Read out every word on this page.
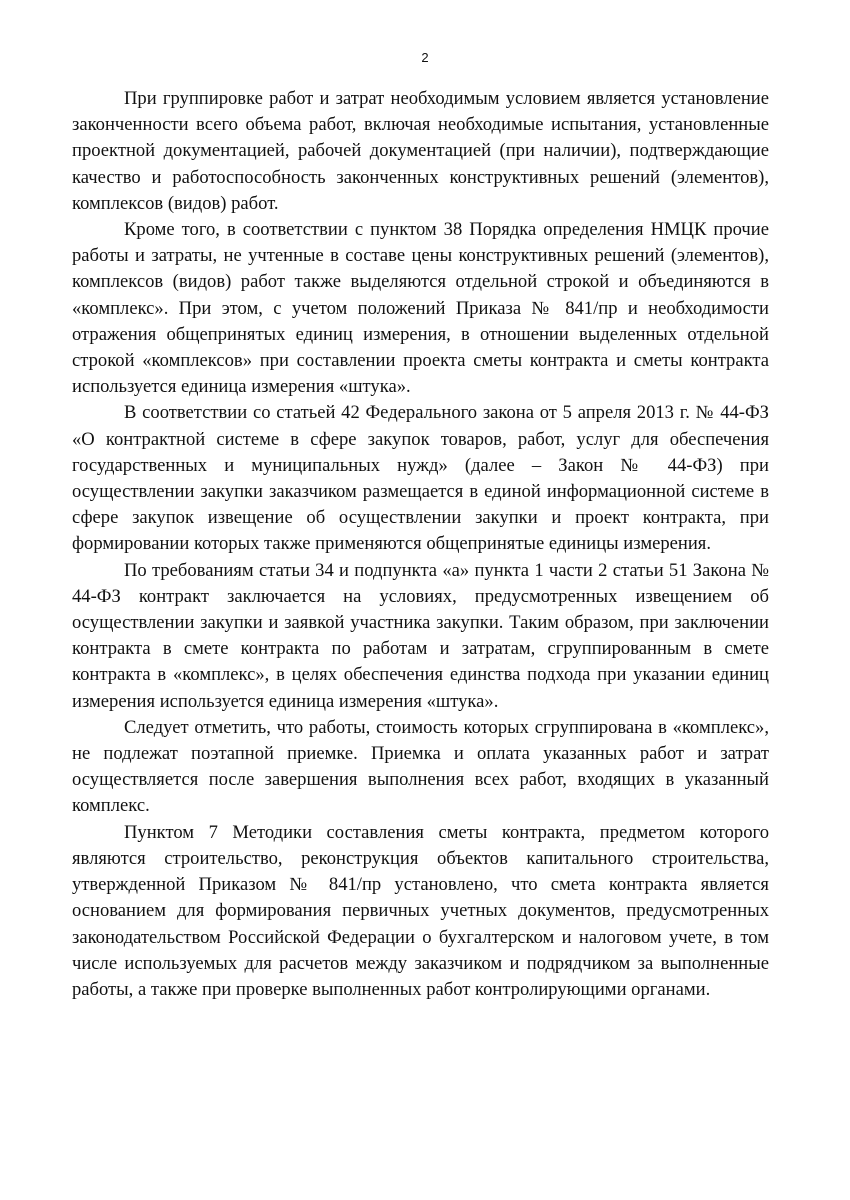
2

При группировке работ и затрат необходимым условием является установление законченности всего объема работ, включая необходимые испытания, установленные проектной документацией, рабочей документацией (при наличии), подтверждающие качество и работоспособность законченных конструктивных решений (элементов), комплексов (видов) работ.

Кроме того, в соответствии с пунктом 38 Порядка определения НМЦК прочие работы и затраты, не учтенные в составе цены конструктивных решений (элементов), комплексов (видов) работ также выделяются отдельной строкой и объединяются в «комплекс». При этом, с учетом положений Приказа № 841/пр и необходимости отражения общепринятых единиц измерения, в отношении выделенных отдельной строкой «комплексов» при составлении проекта сметы контракта и сметы контракта используется единица измерения «штука».

В соответствии со статьей 42 Федерального закона от 5 апреля 2013 г. № 44-ФЗ «О контрактной системе в сфере закупок товаров, работ, услуг для обеспечения государственных и муниципальных нужд» (далее – Закон № 44-ФЗ) при осуществлении закупки заказчиком размещается в единой информационной системе в сфере закупок извещение об осуществлении закупки и проект контракта, при формировании которых также применяются общепринятые единицы измерения.

По требованиям статьи 34 и подпункта «а» пункта 1 части 2 статьи 51 Закона № 44-ФЗ контракт заключается на условиях, предусмотренных извещением об осуществлении закупки и заявкой участника закупки. Таким образом, при заключении контракта в смете контракта по работам и затратам, сгруппированным в смете контракта в «комплекс», в целях обеспечения единства подхода при указании единиц измерения используется единица измерения «штука».

Следует отметить, что работы, стоимость которых сгруппирована в «комплекс», не подлежат поэтапной приемке. Приемка и оплата указанных работ и затрат осуществляется после завершения выполнения всех работ, входящих в указанный комплекс.

Пунктом 7 Методики составления сметы контракта, предметом которого являются строительство, реконструкция объектов капитального строительства, утвержденной Приказом № 841/пр установлено, что смета контракта является основанием для формирования первичных учетных документов, предусмотренных законодательством Российской Федерации о бухгалтерском и налоговом учете, в том числе используемых для расчетов между заказчиком и подрядчиком за выполненные работы, а также при проверке выполненных работ контролирующими органами.
